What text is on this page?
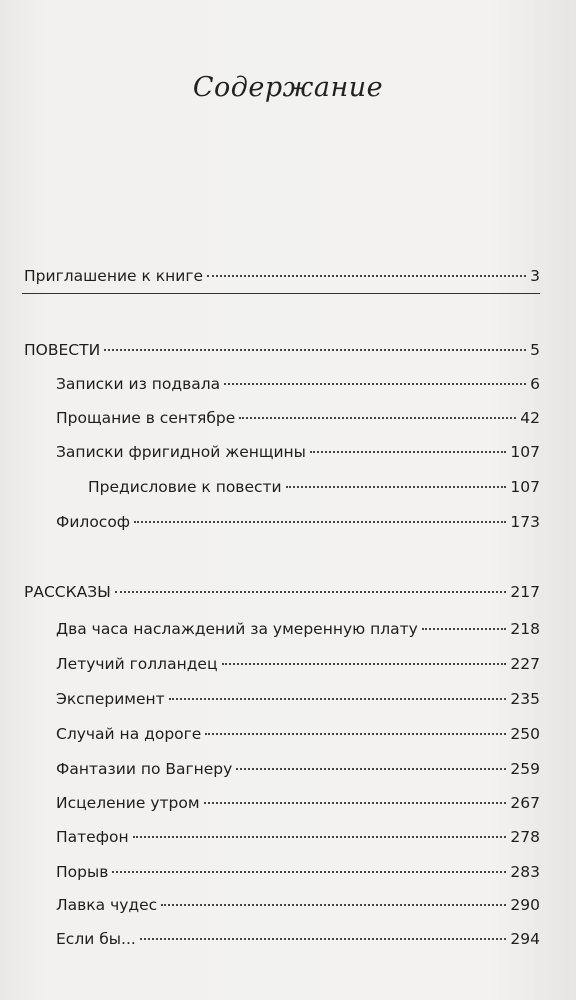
Содержание
Приглашение к книге	3
ПОВЕСТИ	5
Записки из подвала	6
Прощание в сентябре	42
Записки фригидной женщины	107
Предисловие к повести	107
Философ	173
РАССКАЗЫ	217
Два часа наслаждений за умеренную плату	218
Летучий голландец	227
Эксперимент	235
Случай на дороге	250
Фантазии по Вагнеру	259
Исцеление утром	267
Патефон	278
Порыв	283
Лавка чудес	290
Если бы...	294
